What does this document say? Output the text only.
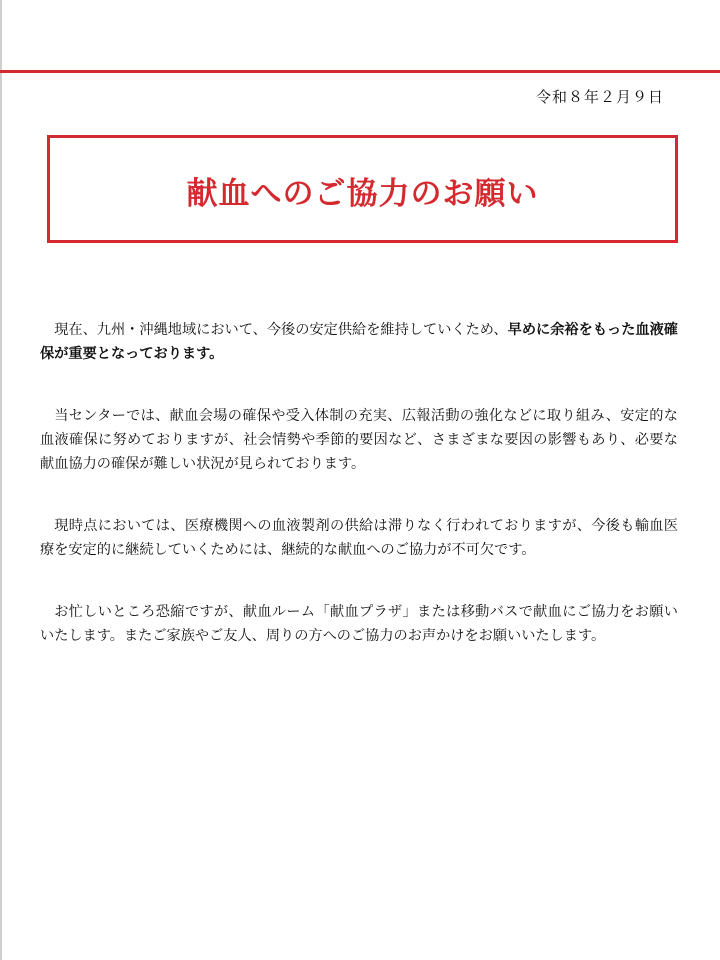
令和８年２月９日
献血へのご協力のお願い

現在、九州・沖縄地域において、今後の安定供給を維持していくため、早めに余裕をもった血液確保が重要となっております。

当センターでは、献血会場の確保や受入体制の充実、広報活動の強化などに取り組み、安定的な血液確保に努めておりますが、社会情勢や季節的要因など、さまざまな要因の影響もあり、必要な献血協力の確保が難しい状況が見られております。

現時点においては、医療機関への血液製剤の供給は滞りなく行われておりますが、今後も輸血医療を安定的に継続していくためには、継続的な献血へのご協力が不可欠です。

お忙しいところ恐縮ですが、献血ルーム「献血プラザ」または移動バスで献血にご協力をお願いいたします。またご家族やご友人、周りの方へのご協力のお声かけをお願いいたします。
